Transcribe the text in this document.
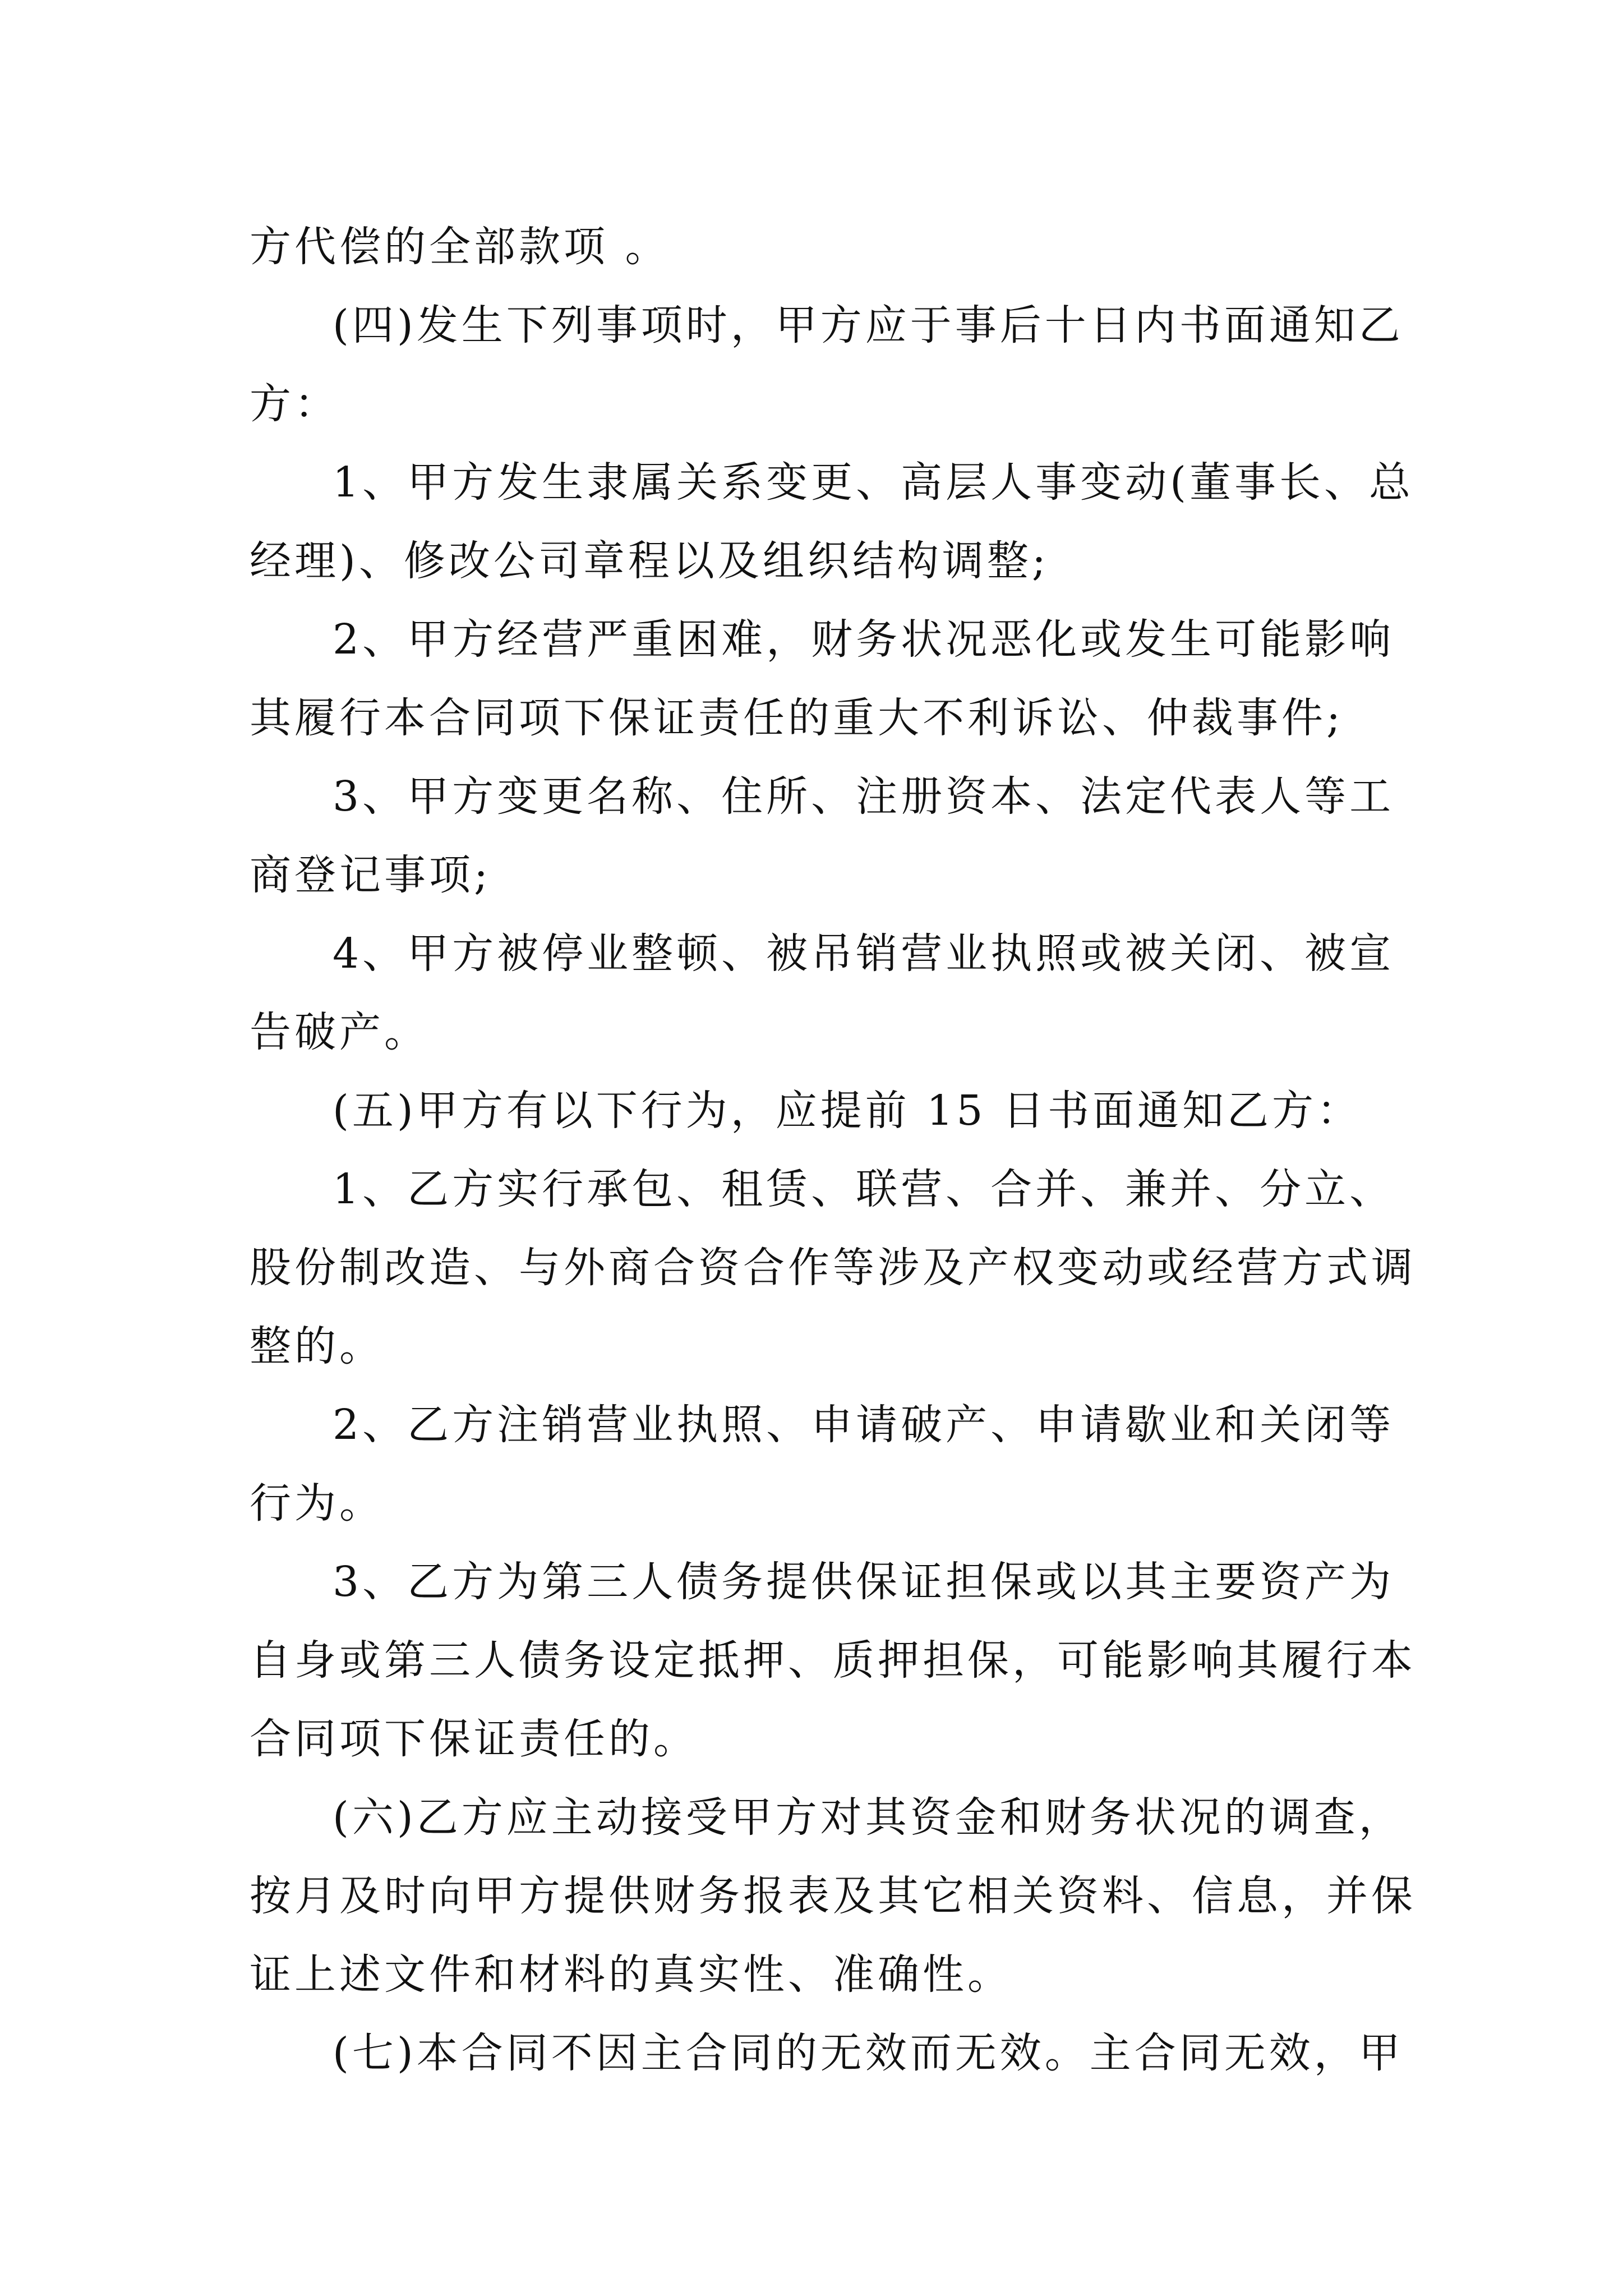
方代偿的全部款项 。
(四)发生下列事项时，甲方应于事后十日内书面通知乙
方：
1、甲方发生隶属关系变更、高层人事变动(董事长、总
经理)、修改公司章程以及组织结构调整;
2、甲方经营严重困难，财务状况恶化或发生可能影响
其履行本合同项下保证责任的重大不利诉讼、仲裁事件;
3、甲方变更名称、住所、注册资本、法定代表人等工
商登记事项;
4、甲方被停业整顿、被吊销营业执照或被关闭、被宣
告破产。
(五)甲方有以下行为，应提前 15 日书面通知乙方：
1、乙方实行承包、租赁、联营、合并、兼并、分立、
股份制改造、与外商合资合作等涉及产权变动或经营方式调
整的。
2、乙方注销营业执照、申请破产、申请歇业和关闭等
行为。
3、乙方为第三人债务提供保证担保或以其主要资产为
自身或第三人债务设定抵押、质押担保，可能影响其履行本
合同项下保证责任的。
(六)乙方应主动接受甲方对其资金和财务状况的调查，
按月及时向甲方提供财务报表及其它相关资料、信息，并保
证上述文件和材料的真实性、准确性。
(七)本合同不因主合同的无效而无效。主合同无效，甲
